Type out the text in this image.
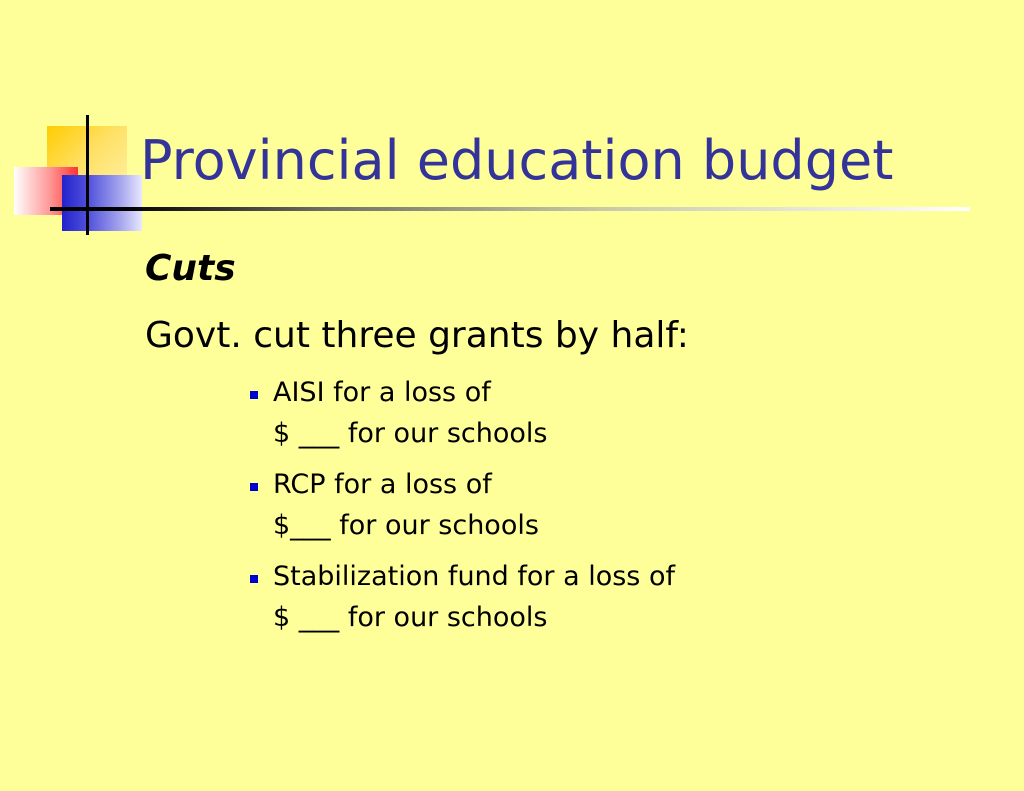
Provincial education budget
Cuts
Govt. cut three grants by half:
AISI for a loss of
$ ___ for our schools
RCP for a loss of
$___ for our schools
Stabilization fund for a loss of
$ ___ for our schools
